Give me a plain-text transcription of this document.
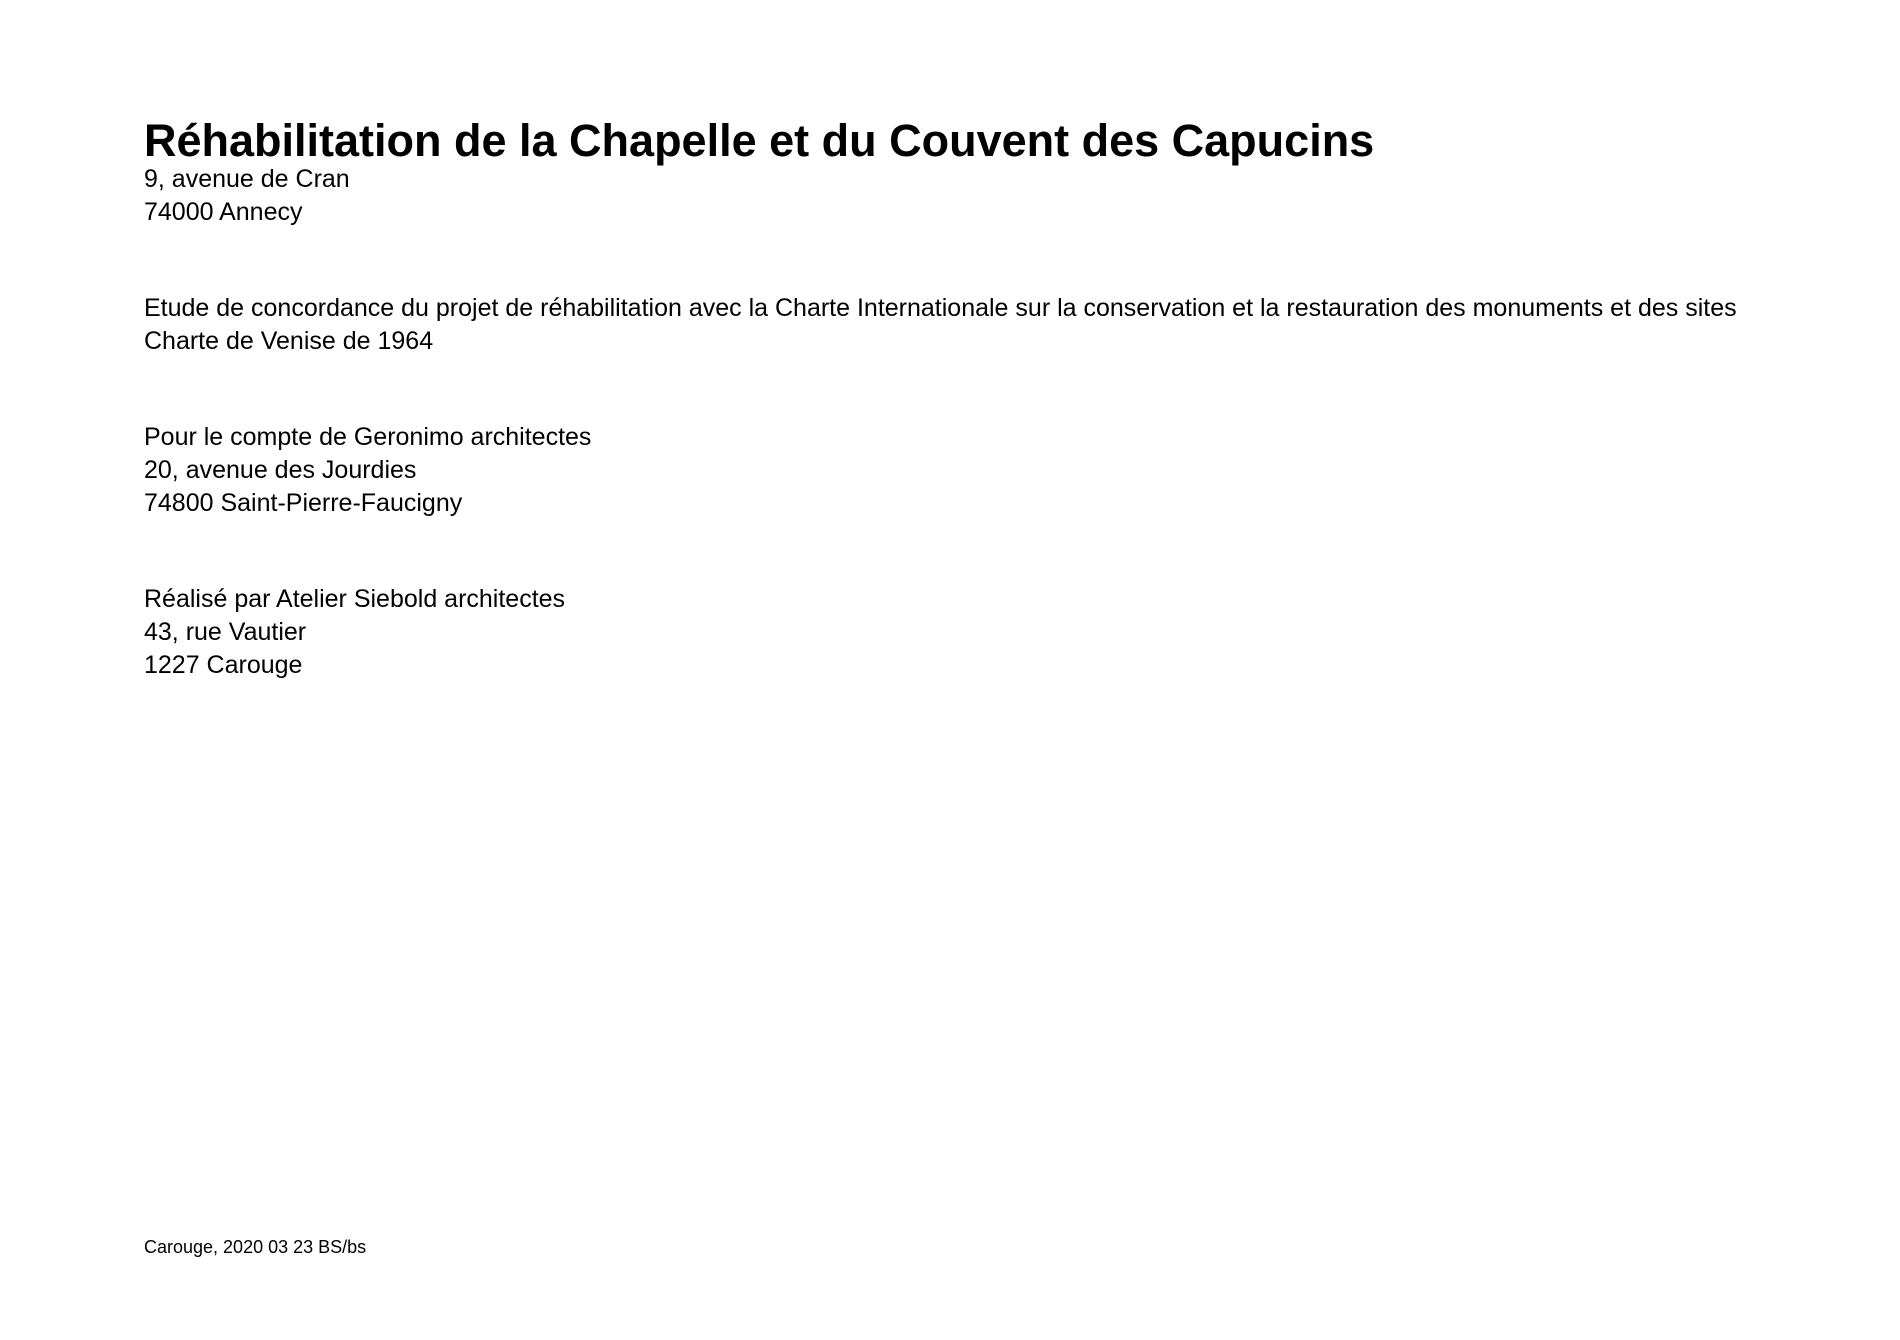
Réhabilitation de la Chapelle et du Couvent des Capucins
9, avenue de Cran
74000 Annecy
Etude de concordance du projet de réhabilitation avec la Charte Internationale sur la conservation et la restauration des monuments et des sites
Charte de Venise de 1964
Pour le compte de Geronimo architectes
20, avenue des Jourdies
74800 Saint-Pierre-Faucigny
Réalisé par Atelier Siebold architectes
43, rue Vautier
1227 Carouge
Carouge, 2020 03 23 BS/bs
